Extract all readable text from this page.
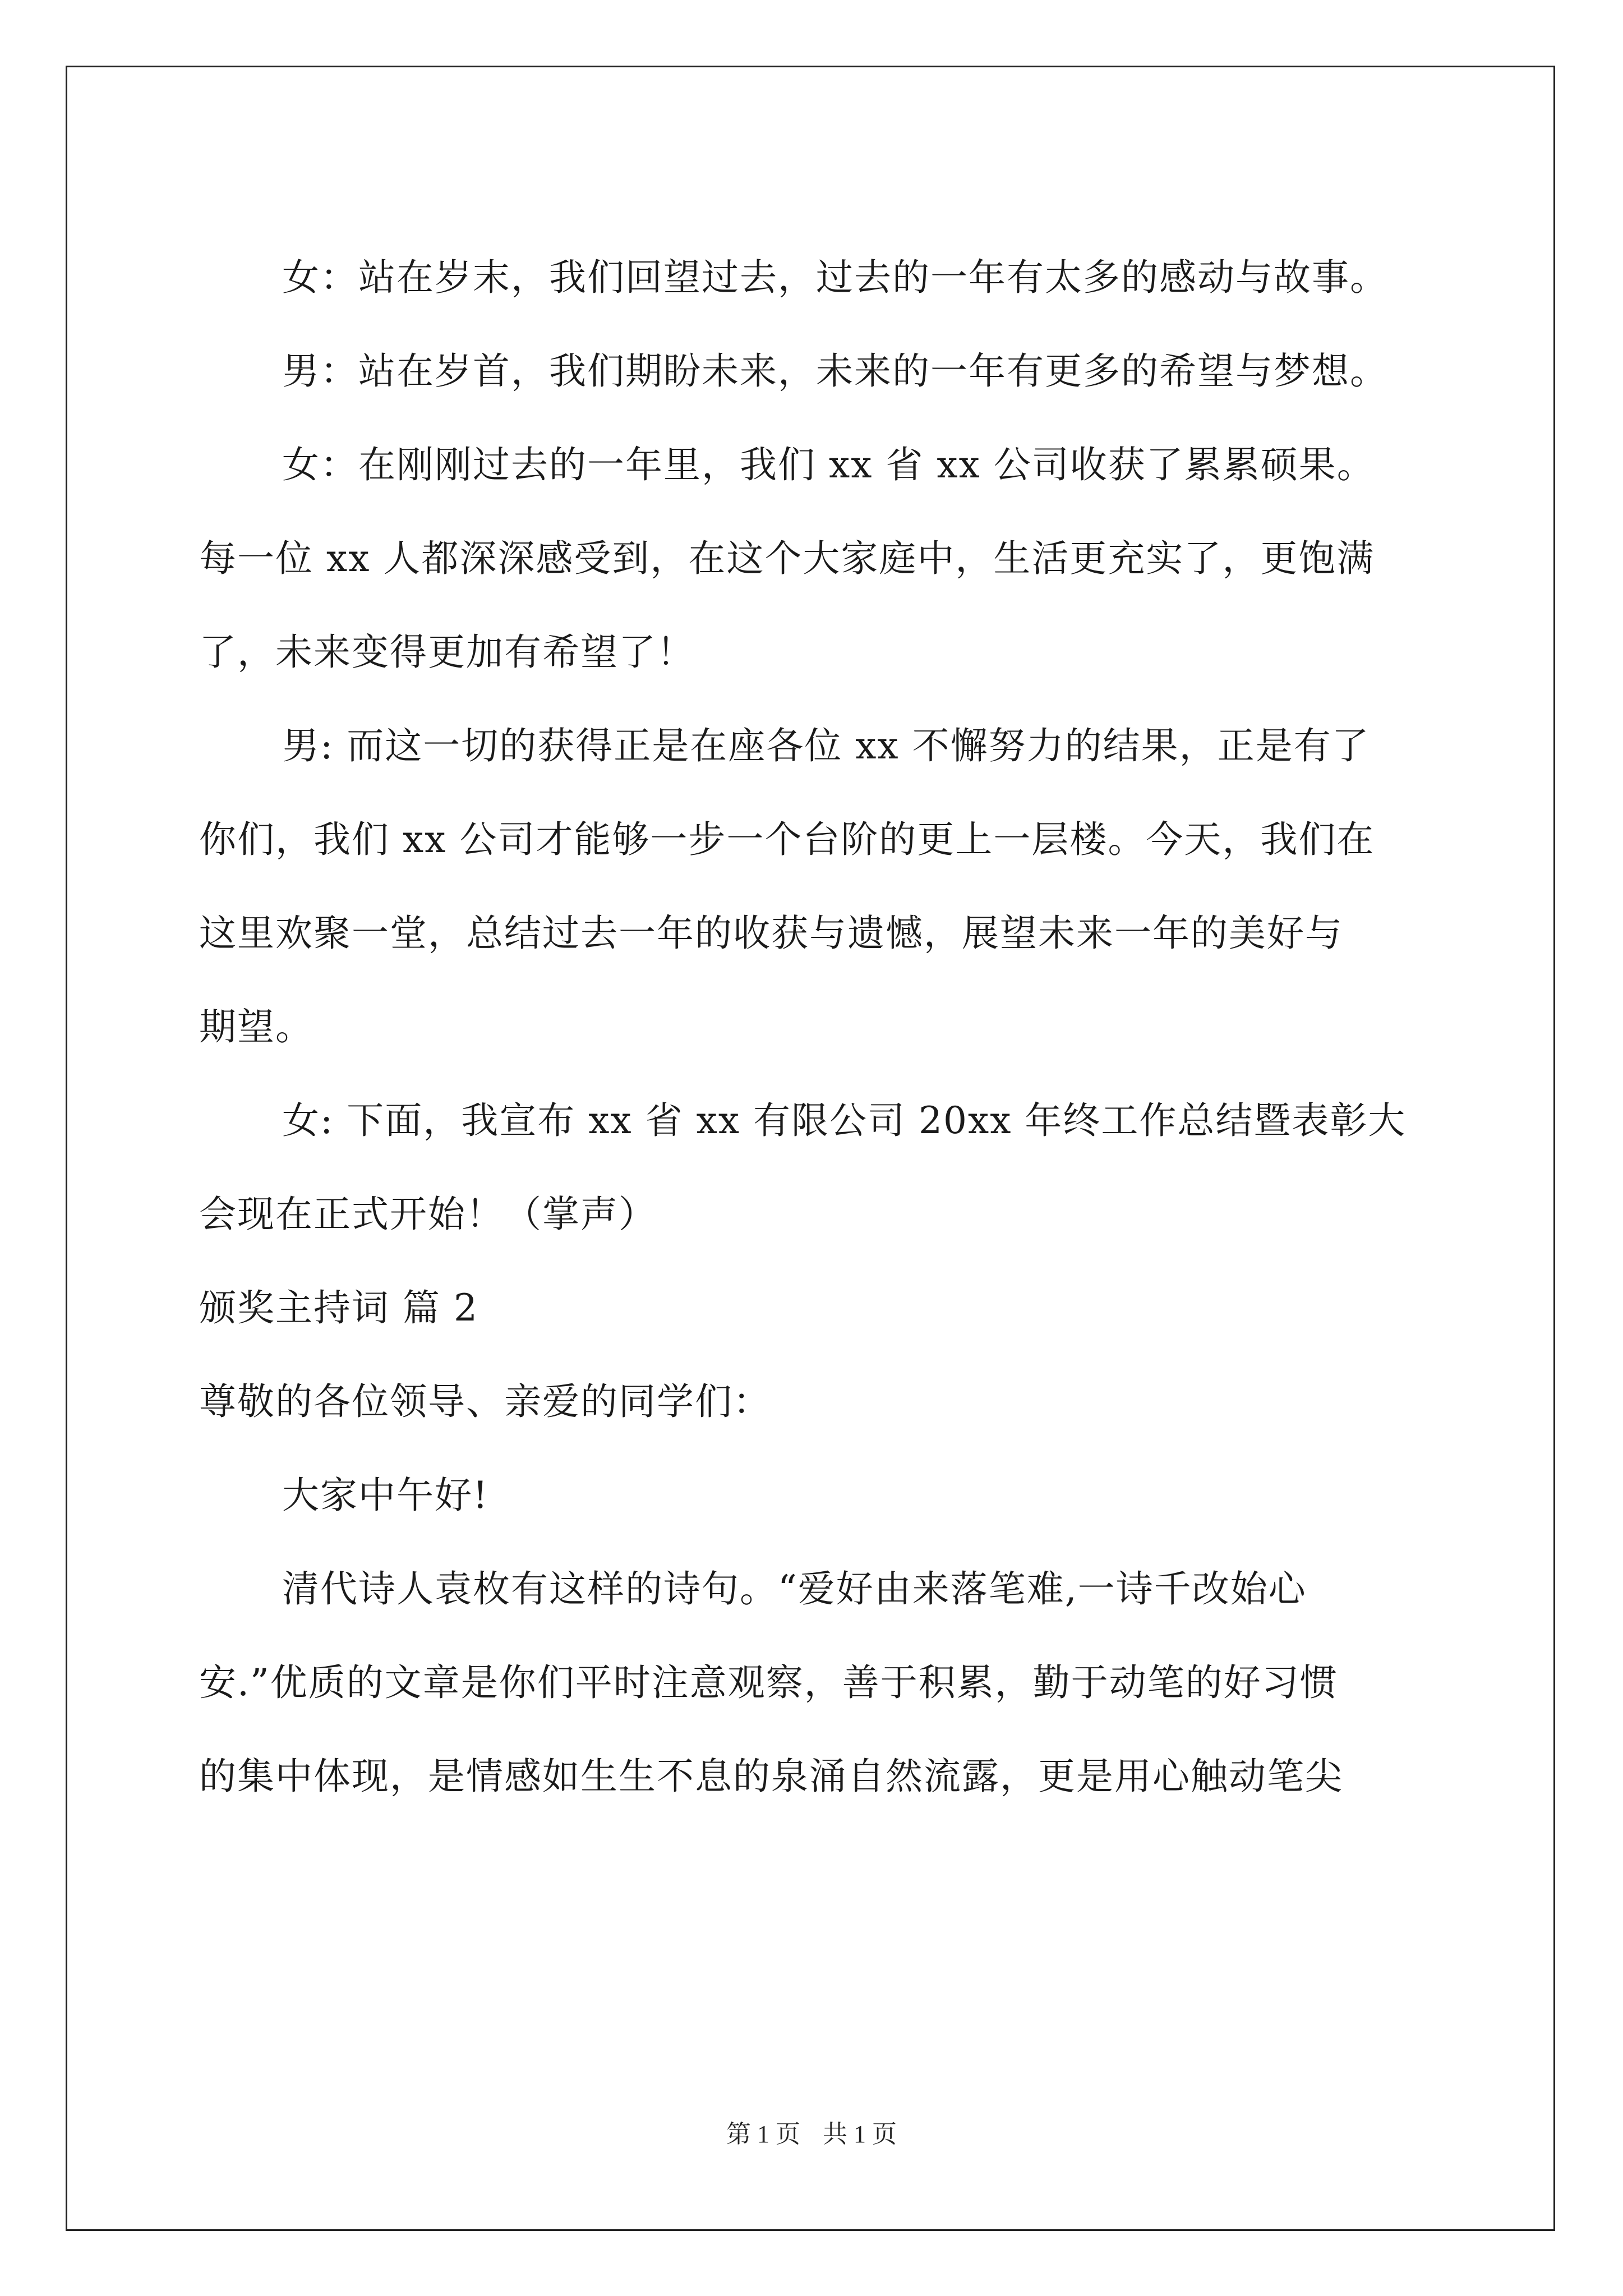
女：站在岁末，我们回望过去，过去的一年有太多的感动与故事。
男：站在岁首，我们期盼未来，未来的一年有更多的希望与梦想。
女：在刚刚过去的一年里，我们 xx 省 xx 公司收获了累累硕果。
每一位 xx 人都深深感受到，在这个大家庭中，生活更充实了，更饱满
了，未来变得更加有希望了！
男: 而这一切的获得正是在座各位 xx 不懈努力的结果，正是有了
你们，我们 xx 公司才能够一步一个台阶的更上一层楼。今天，我们在
这里欢聚一堂，总结过去一年的收获与遗憾，展望未来一年的美好与
期望。
女: 下面，我宣布 xx 省 xx 有限公司 20xx 年终工作总结暨表彰大
会现在正式开始！（掌声）
颁奖主持词 篇 2
尊敬的各位领导、亲爱的同学们：
大家中午好!
清代诗人袁枚有这样的诗句。“爱好由来落笔难,一诗千改始心
安.”优质的文章是你们平时注意观察，善于积累，勤于动笔的好习惯
的集中体现，是情感如生生不息的泉涌自然流露，更是用心触动笔尖
第 1 页 共 1 页
